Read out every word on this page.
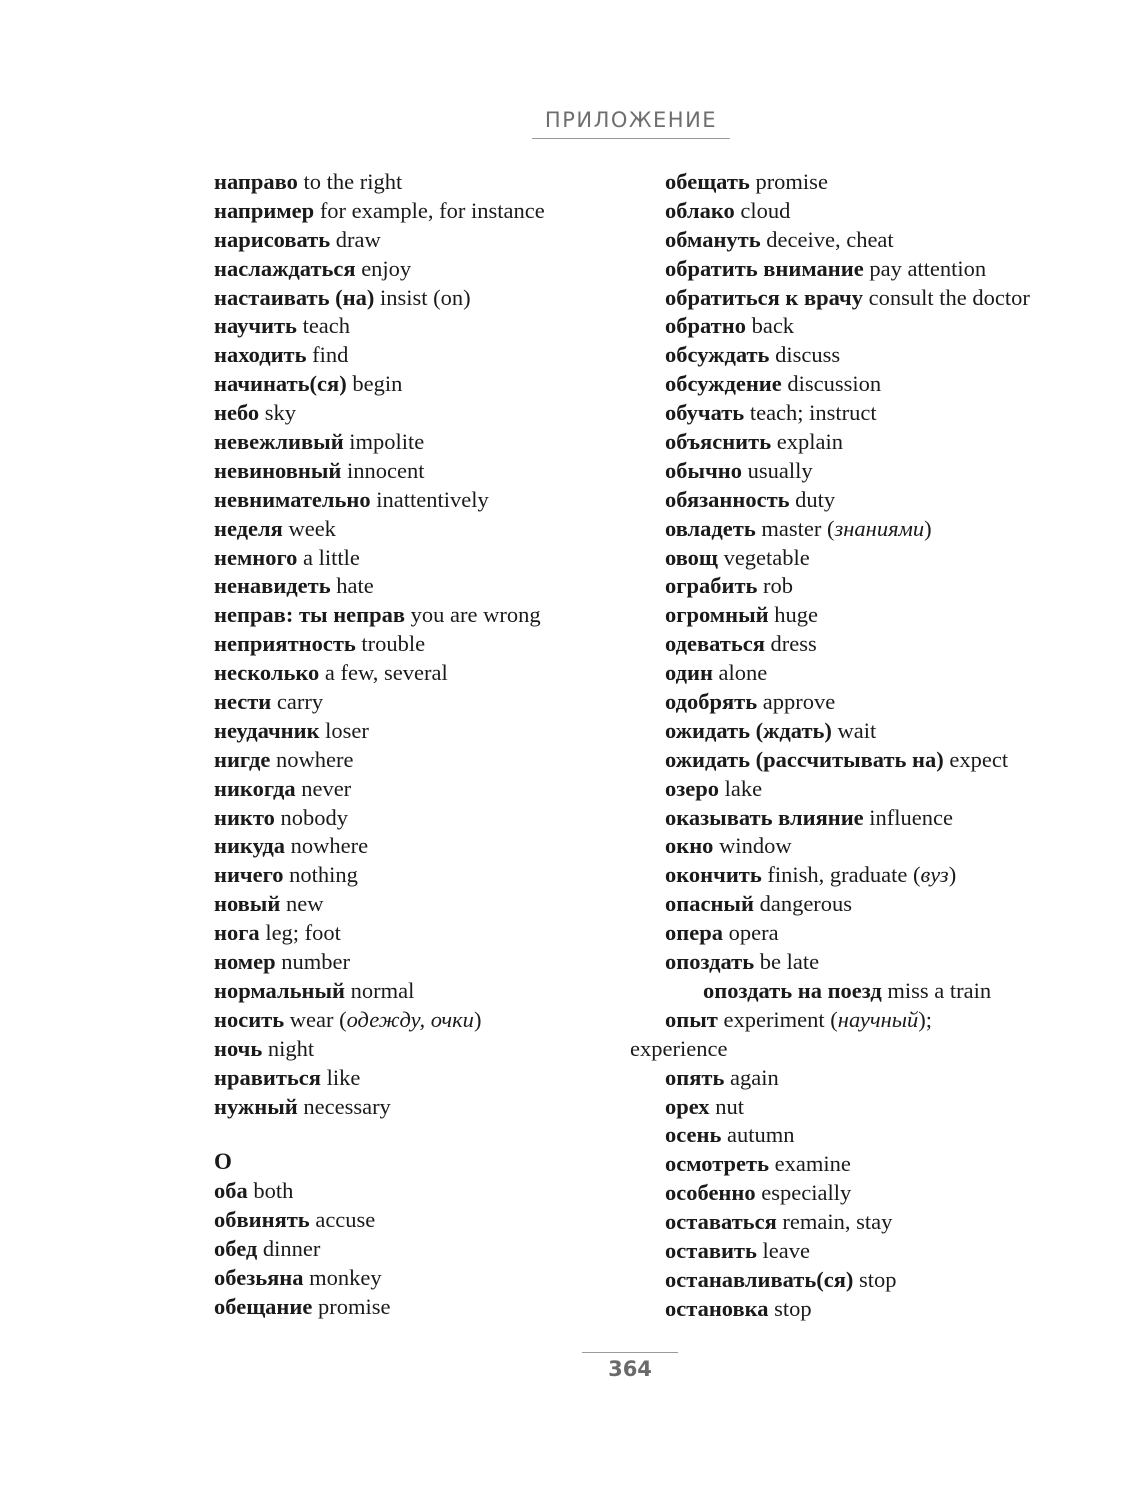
ПРИЛОЖЕНИЕ
направо to the right
например for example, for instance
нарисовать draw
наслаждаться enjoy
настаивать (на) insist (on)
научить teach
находить find
начинать(ся) begin
небо sky
невежливый impolite
невиновный innocent
невнимательно inattentively
неделя week
немного a little
ненавидеть hate
неправ: ты неправ you are wrong
неприятность trouble
несколько a few, several
нести carry
неудачник loser
нигде nowhere
никогда never
никто nobody
никуда nowhere
ничего nothing
новый new
нога leg; foot
номер number
нормальный normal
носить wear (одежду, очки)
ночь night
нравиться like
нужный necessary
О
оба both
обвинять accuse
обед dinner
обезьяна monkey
обещание promise
обещать promise
облако cloud
обмануть deceive, cheat
обратить внимание pay attention
обратиться к врачу consult the doctor
обратно back
обсуждать discuss
обсуждение discussion
обучать teach; instruct
объяснить explain
обычно usually
обязанность duty
овладеть master (знаниями)
овощ vegetable
ограбить rob
огромный huge
одеваться dress
один alone
одобрять approve
ожидать (ждать) wait
ожидать (рассчитывать на) expect
озеро lake
оказывать влияние influence
окно window
окончить finish, graduate (вуз)
опасный dangerous
опера opera
опоздать be late
опоздать на поезд miss a train
опыт experiment (научный);
experience
опять again
орех nut
осень autumn
осмотреть examine
особенно especially
оставаться remain, stay
оставить leave
останавливать(ся) stop
остановка stop
364
